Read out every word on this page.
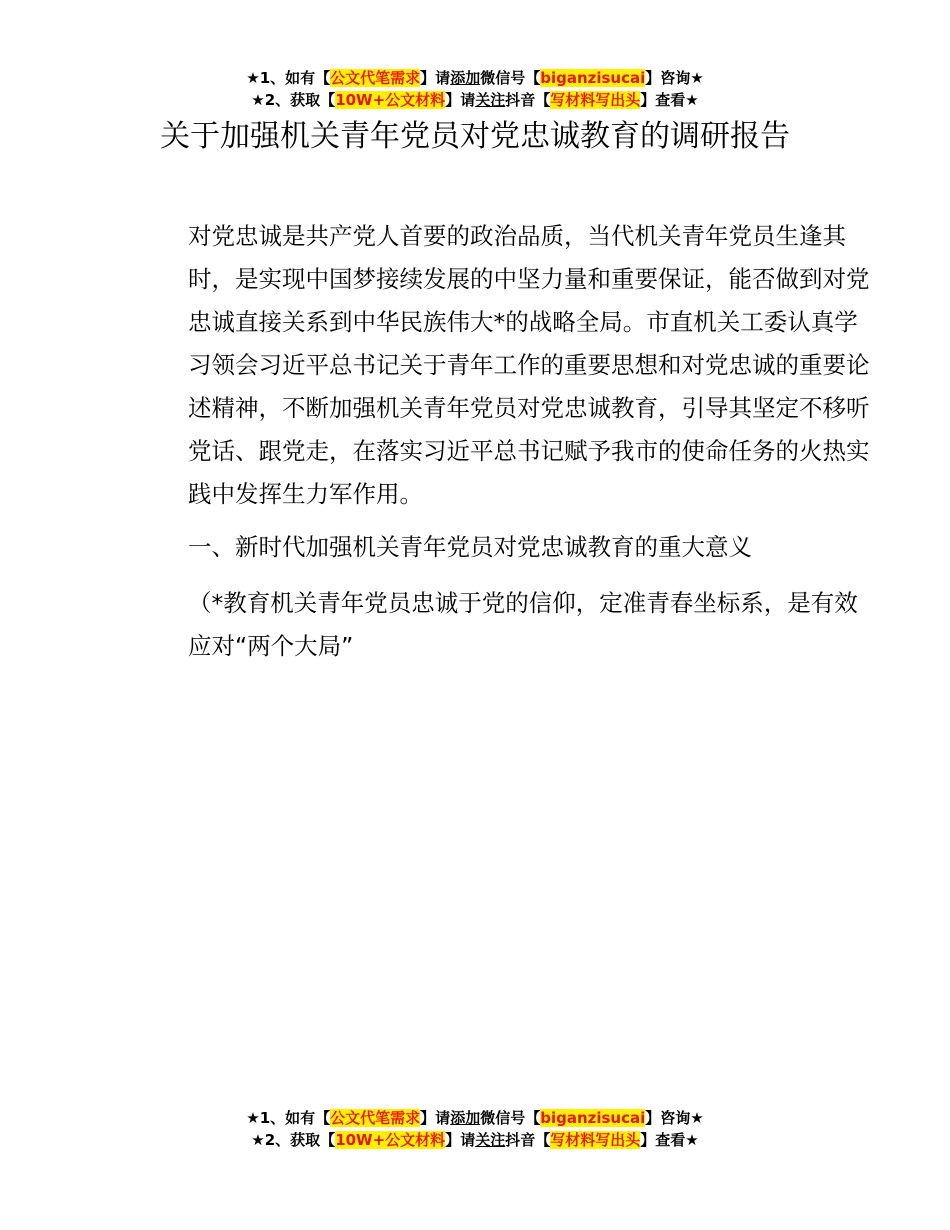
★1、如有【公文代笔需求】请添加微信号【biganzisucai】咨询★
★2、获取【10W+公文材料】请关注抖音【写材料写出头】查看★
关于加强机关青年党员对党忠诚教育的调研报告

对党忠诚是共产党人首要的政治品质，当代机关青年党员生逢其时，是实现中国梦接续发展的中坚力量和重要保证，能否做到对党忠诚直接关系到中华民族伟大*的战略全局。市直机关工委认真学习领会习近平总书记关于青年工作的重要思想和对党忠诚的重要论述精神，不断加强机关青年党员对党忠诚教育，引导其坚定不移听党话、跟党走，在落实习近平总书记赋予我市的使命任务的火热实践中发挥生力军作用。

一、新时代加强机关青年党员对党忠诚教育的重大意义

（*教育机关青年党员忠诚于党的信仰，定准青春坐标系，是有效应对“两个大局”

★1、如有【公文代笔需求】请添加微信号【biganzisucai】咨询★
★2、获取【10W+公文材料】请关注抖音【写材料写出头】查看★
